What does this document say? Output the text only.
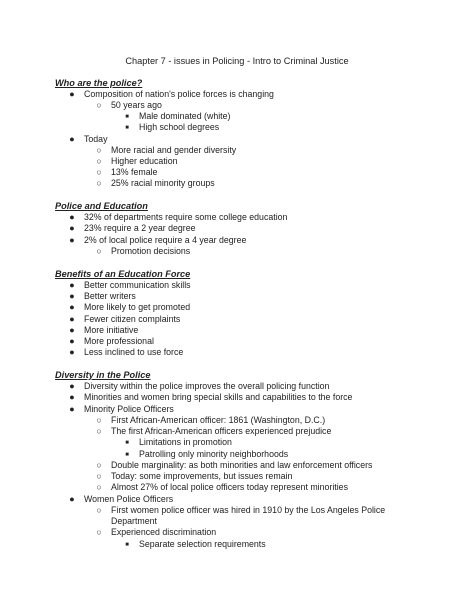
Chapter 7 - issues in Policing - Intro to Criminal Justice
Who are the police?
● Composition of nation's police forces is changing
○ 50 years ago
■	Male dominated (white)
■	High school degrees
● Today
○ More racial and gender diversity
○ Higher education
○ 13% female
○ 25% racial minority groups
Police and Education
● 32% of departments require some college education
● 23% require a 2 year degree
● 2% of local police require a 4 year degree
○ Promotion decisions
Benefits of an Education Force
● Better communication skills
● Better writers
● More likely to get promoted
● Fewer citizen complaints
● More initiative
● More professional
● Less inclined to use force
Diversity in the Police
● Diversity within the police improves the overall policing function
● Minorities and women bring special skills and capabilities to the force
● Minority Police Officers
○ First African-American officer: 1861 (Washington, D.C.)
○ The first African-American officers experienced prejudice
■	Limitations in promotion
■	Patrolling only minority neighborhoods
○ Double marginality: as both minorities and law enforcement officers
○ Today: some improvements, but issues remain
○ Almost 27% of local police officers today represent minorities
● Women Police Officers
○ First women police officer was hired in 1910 by the Los Angeles Police
Department
○ Experienced discrimination
■	Separate selection requirements
